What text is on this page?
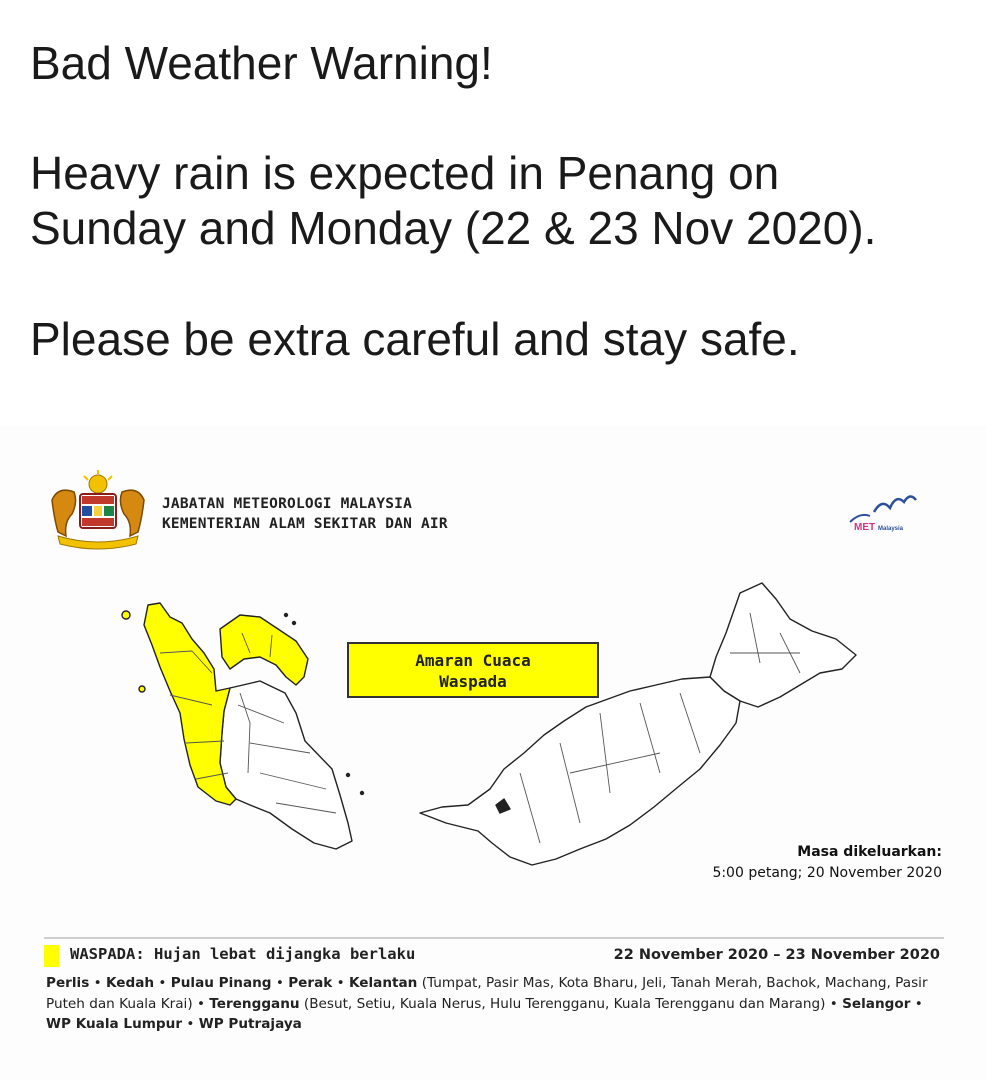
Bad Weather Warning!

Heavy rain is expected in Penang on

Sunday and Monday (22 & 23 Nov 2020).

Please be extra careful and stay safe.

JABATAN METEOROLOGI MALAYSIA
KEMENTERIAN ALAM SEKITAR DAN AIR	MET Malaysia
Amaran Cuaca
Waspada
Masa dikeluarkan:
5:00 petang; 20 November 2020
WASPADA: Hujan lebat dijangka berlaku	22 November 2020 – 23 November 2020
Perlis • Kedah • Pulau Pinang • Perak • Kelantan (Tumpat, Pasir Mas, Kota Bharu, Jeli, Tanah Merah, Bachok, Machang, Pasir Puteh dan Kuala Krai) • Terengganu (Besut, Setiu, Kuala Nerus, Hulu Terengganu, Kuala Terengganu dan Marang) • Selangor • WP Kuala Lumpur • WP Putrajaya
